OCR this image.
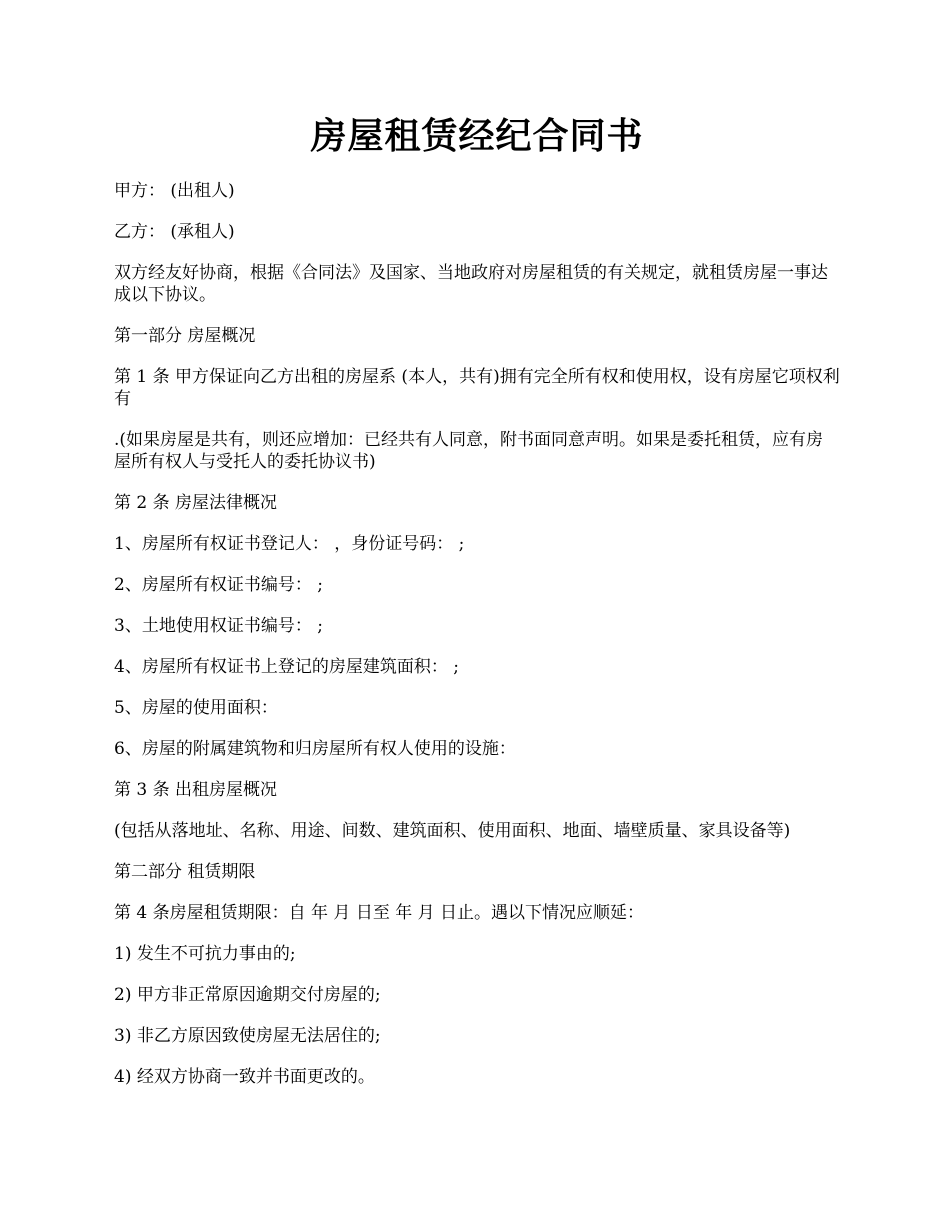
房屋租赁经纪合同书

甲方： (出租人)

乙方： (承租人)

双方经友好协商，根据《合同法》及国家、当地政府对房屋租赁的有关规定，就租赁房屋一事达成以下协议。

第一部分 房屋概况

第 1 条 甲方保证向乙方出租的房屋系 (本人，共有)拥有完全所有权和使用权，设有房屋它项权利有

.(如果房屋是共有，则还应增加：已经共有人同意，附书面同意声明。如果是委托租赁，应有房屋所有权人与受托人的委托协议书)

第 2 条 房屋法律概况

1、房屋所有权证书登记人： ，身份证号码： ;

2、房屋所有权证书编号： ;

3、土地使用权证书编号： ;

4、房屋所有权证书上登记的房屋建筑面积： ;

5、房屋的使用面积：

6、房屋的附属建筑物和归房屋所有权人使用的设施：

第 3 条 出租房屋概况

(包括从落地址、名称、用途、间数、建筑面积、使用面积、地面、墙壁质量、家具设备等)

第二部分 租赁期限

第 4 条房屋租赁期限：自 年 月 日至 年 月 日止。遇以下情况应顺延：

1) 发生不可抗力事由的;

2) 甲方非正常原因逾期交付房屋的;

3) 非乙方原因致使房屋无法居住的;

4) 经双方协商一致并书面更改的。
